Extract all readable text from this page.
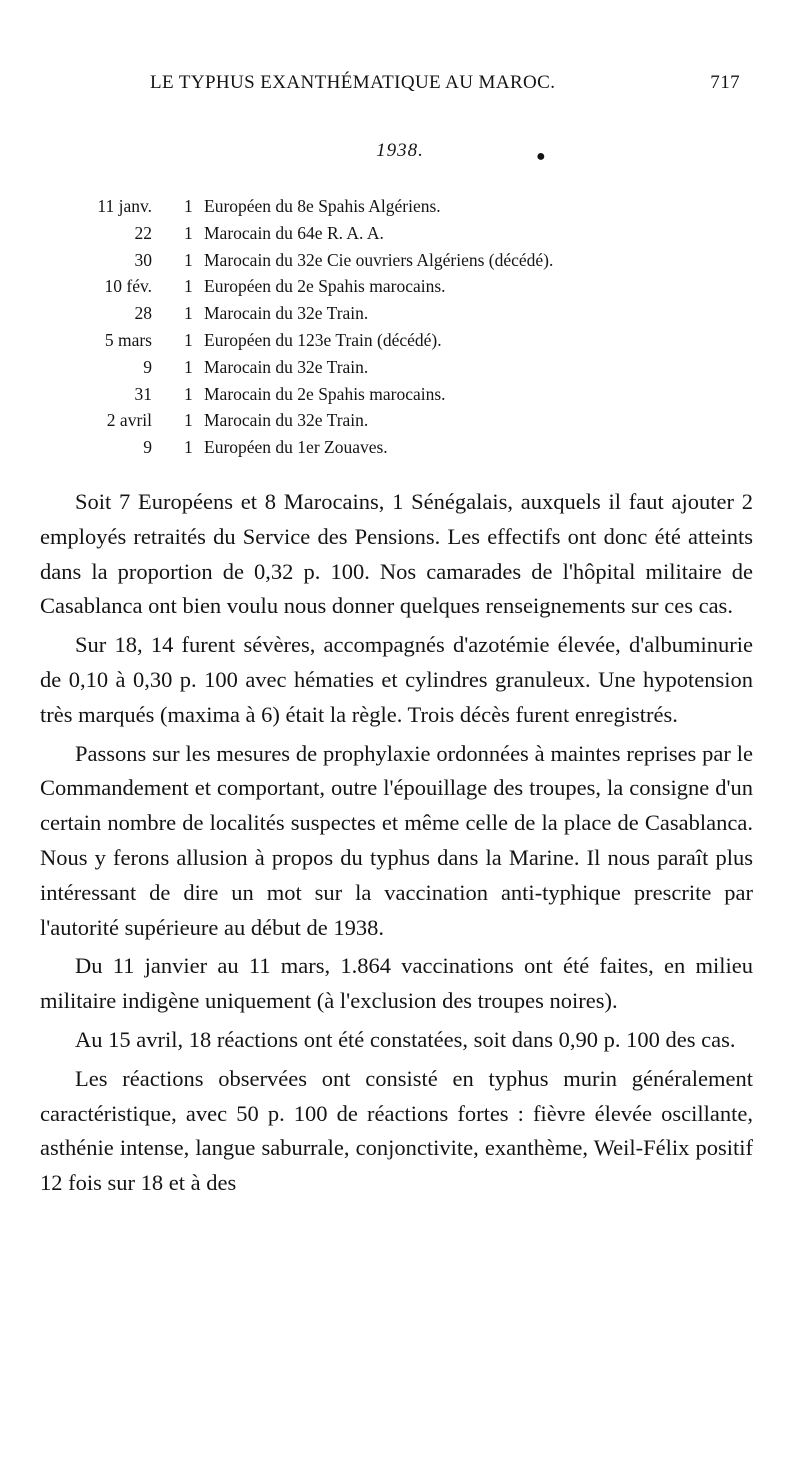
LE TYPHUS EXANTHÉMATIQUE AU MAROC.	717
1938.	●
11 janv. 1 Européen du 8e Spahis Algériens.
22 1 Marocain du 64e R. A. A.
30 1 Marocain du 32e Cie ouvriers Algériens (décédé).
10 fév. 1 Européen du 2e Spahis marocains.
28 1 Marocain du 32e Train.
5 mars 1 Européen du 123e Train (décédé).
9 1 Marocain du 32e Train.
31 1 Marocain du 2e Spahis marocains.
2 avril 1 Marocain du 32e Train.
9 1 Européen du 1er Zouaves.

Soit 7 Européens et 8 Marocains, 1 Sénégalais, auxquels il faut ajouter 2 employés retraités du Service des Pensions. Les effectifs ont donc été atteints dans la proportion de 0,32 p. 100. Nos camarades de l'hôpital militaire de Casablanca ont bien voulu nous donner quelques renseignements sur ces cas.

Sur 18, 14 furent sévères, accompagnés d'azotémie élevée, d'albuminurie de 0,10 à 0,30 p. 100 avec hématies et cylindres granuleux. Une hypotension très marqués (maxima à 6) était la règle. Trois décès furent enregistrés.

Passons sur les mesures de prophylaxie ordonnées à maintes reprises par le Commandement et comportant, outre l'épouillage des troupes, la consigne d'un certain nombre de localités suspectes et même celle de la place de Casablanca. Nous y ferons allusion à propos du typhus dans la Marine. Il nous paraît plus intéressant de dire un mot sur la vaccination anti-typhique prescrite par l'autorité supérieure au début de 1938.

Du 11 janvier au 11 mars, 1.864 vaccinations ont été faites, en milieu militaire indigène uniquement (à l'exclusion des troupes noires).

Au 15 avril, 18 réactions ont été constatées, soit dans 0,90 p. 100 des cas.

Les réactions observées ont consisté en typhus murin généralement caractéristique, avec 50 p. 100 de réactions fortes : fièvre élevée oscillante, asthénie intense, langue saburrale, conjonctivite, exanthème, Weil-Félix positif 12 fois sur 18 et à des
